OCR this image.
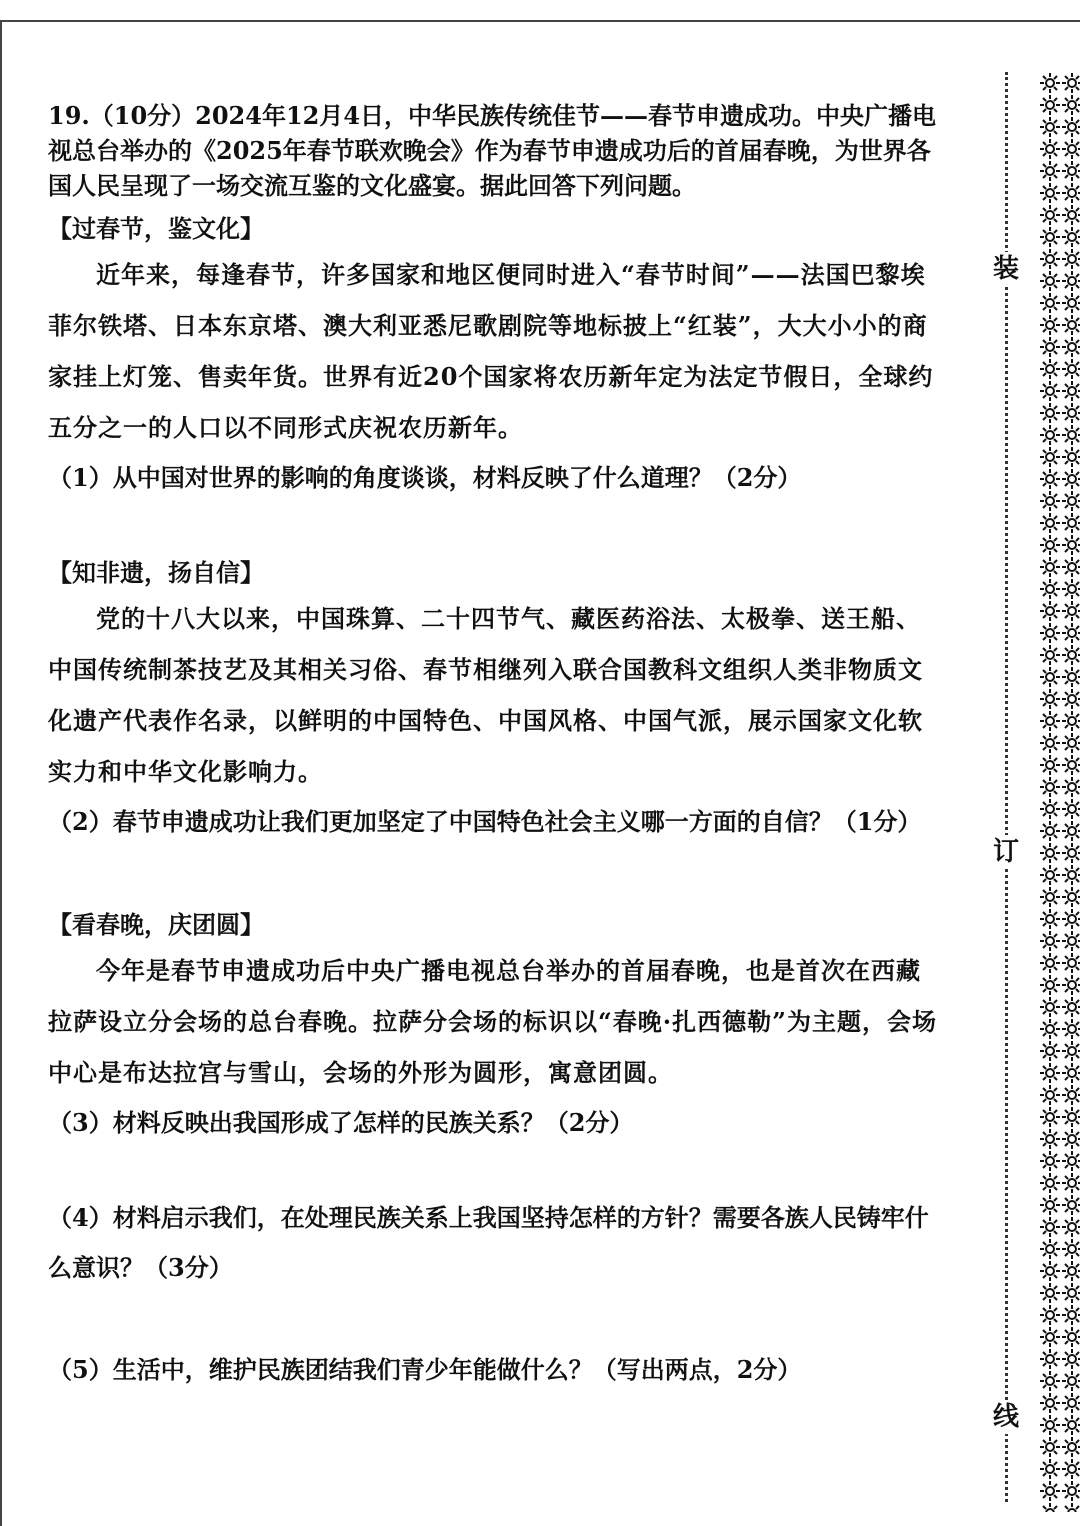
19.（10分）2024年12月4日，中华民族传统佳节——春节申遗成功。中央广播电视总台举办的《2025年春节联欢晚会》作为春节申遗成功后的首届春晚，为世界各国人民呈现了一场交流互鉴的文化盛宴。据此回答下列问题。

【过春节，鉴文化】

近年来，每逢春节，许多国家和地区便同时进入“春节时间”——法国巴黎埃菲尔铁塔、日本东京塔、澳大利亚悉尼歌剧院等地标披上“红装”，大大小小的商家挂上灯笼、售卖年货。世界有近20个国家将农历新年定为法定节假日，全球约五分之一的人口以不同形式庆祝农历新年。

（1）从中国对世界的影响的角度谈谈，材料反映了什么道理？（2分）

【知非遗，扬自信】

党的十八大以来，中国珠算、二十四节气、藏医药浴法、太极拳、送王船、中国传统制茶技艺及其相关习俗、春节相继列入联合国教科文组织人类非物质文化遗产代表作名录，以鲜明的中国特色、中国风格、中国气派，展示国家文化软实力和中华文化影响力。

（2）春节申遗成功让我们更加坚定了中国特色社会主义哪一方面的自信？（1分）

【看春晚，庆团圆】

今年是春节申遗成功后中央广播电视总台举办的首届春晚，也是首次在西藏拉萨设立分会场的总台春晚。拉萨分会场的标识以“春晚·扎西德勒”为主题，会场中心是布达拉宫与雪山，会场的外形为圆形，寓意团圆。

（3）材料反映出我国形成了怎样的民族关系？（2分）

（4）材料启示我们，在处理民族关系上我国坚持怎样的方针？需要各族人民铸牢什么意识？（3分）

（5）生活中，维护民族团结我们青少年能做什么？（写出两点，2分）

装
订
线
